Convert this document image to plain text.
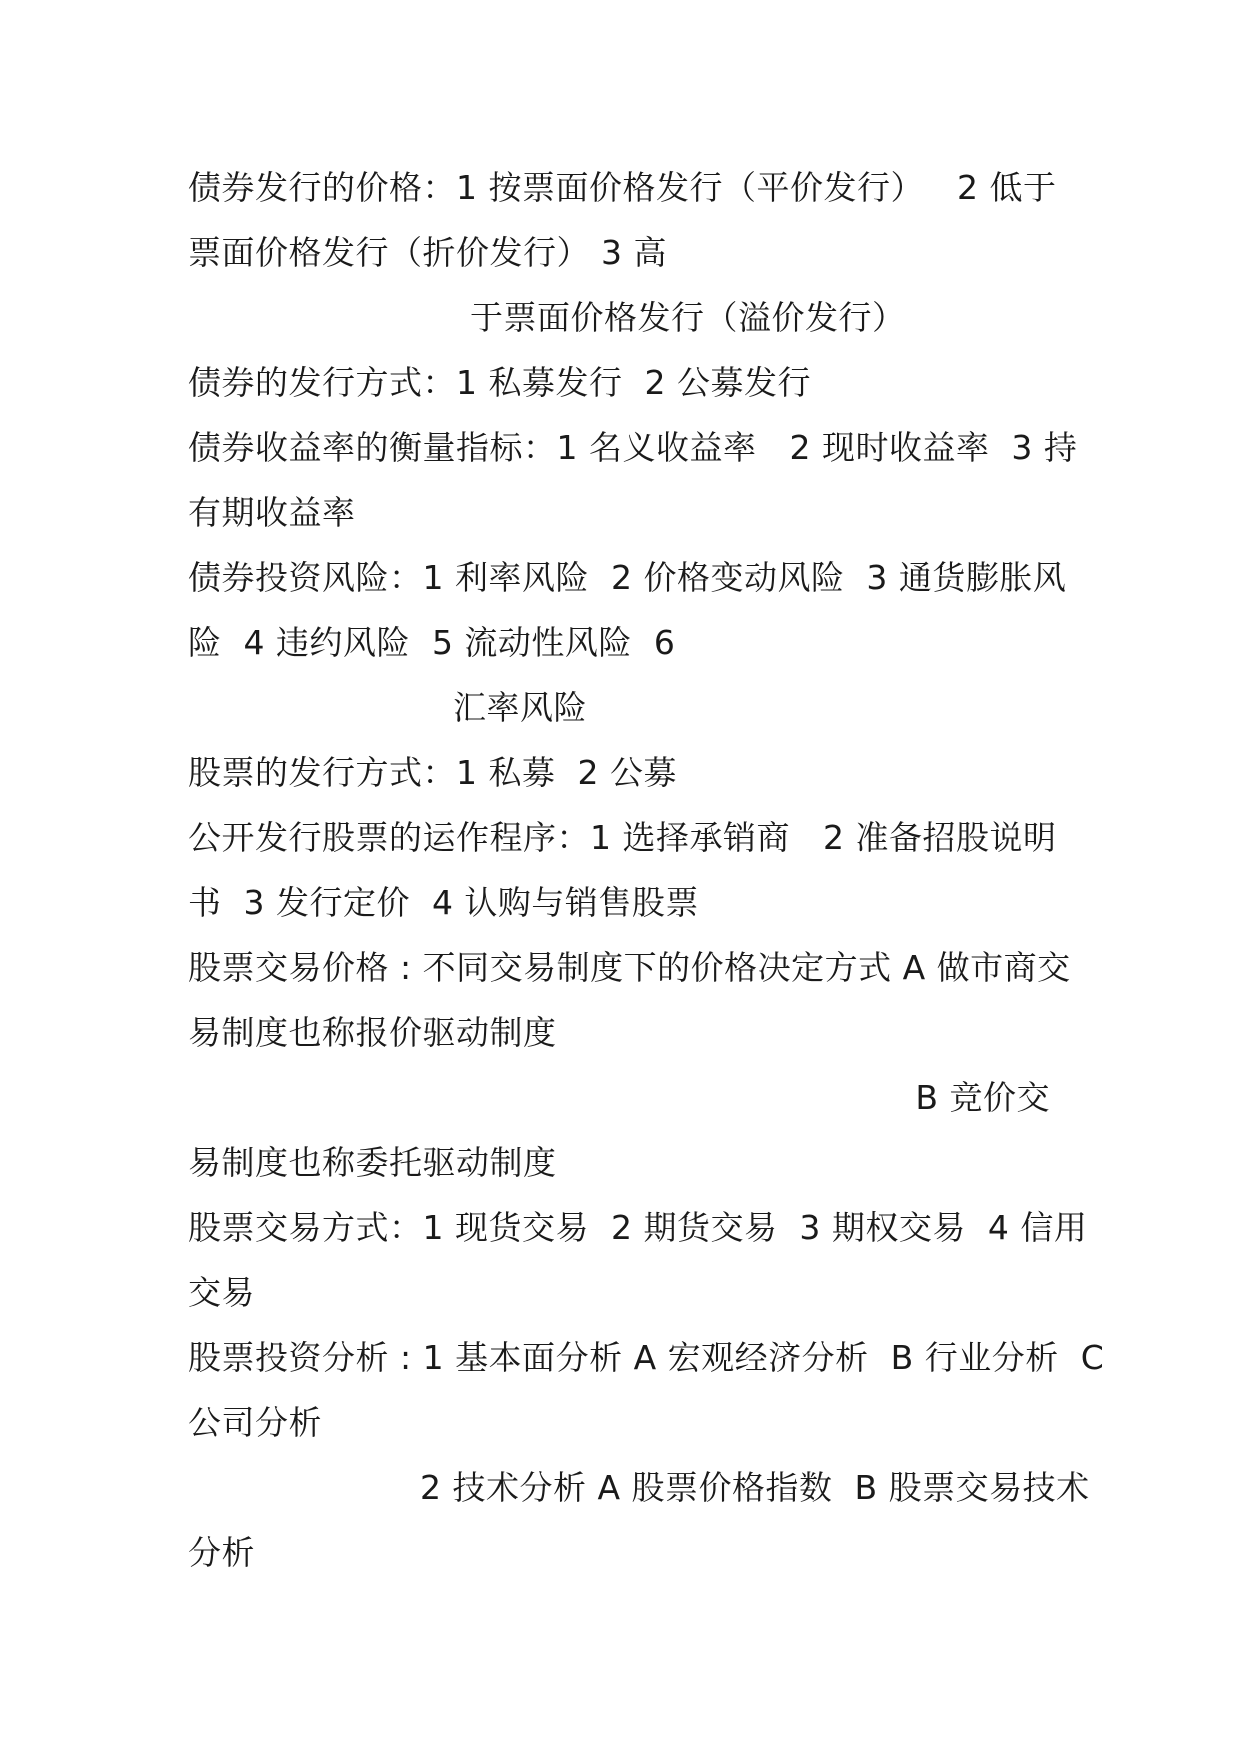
债券发行的价格：1 按票面价格发行（平价发行）   2 低于
票面价格发行（折价发行） 3 高
于票面价格发行（溢价发行）
债券的发行方式：1 私募发行  2 公募发行
债券收益率的衡量指标：1 名义收益率   2 现时收益率  3 持
有期收益率
债券投资风险：1 利率风险  2 价格变动风险  3 通货膨胀风
险  4 违约风险  5 流动性风险  6
汇率风险
股票的发行方式：1 私募  2 公募
公开发行股票的运作程序：1 选择承销商   2 准备招股说明
书  3 发行定价  4 认购与销售股票
股票交易价格 : 不同交易制度下的价格决定方式 A 做市商交
易制度也称报价驱动制度
B 竞价交
易制度也称委托驱动制度
股票交易方式：1 现货交易  2 期货交易  3 期权交易  4 信用
交易
股票投资分析 : 1 基本面分析 A 宏观经济分析  B 行业分析  C
公司分析
2 技术分析 A 股票价格指数  B 股票交易技术
分析
